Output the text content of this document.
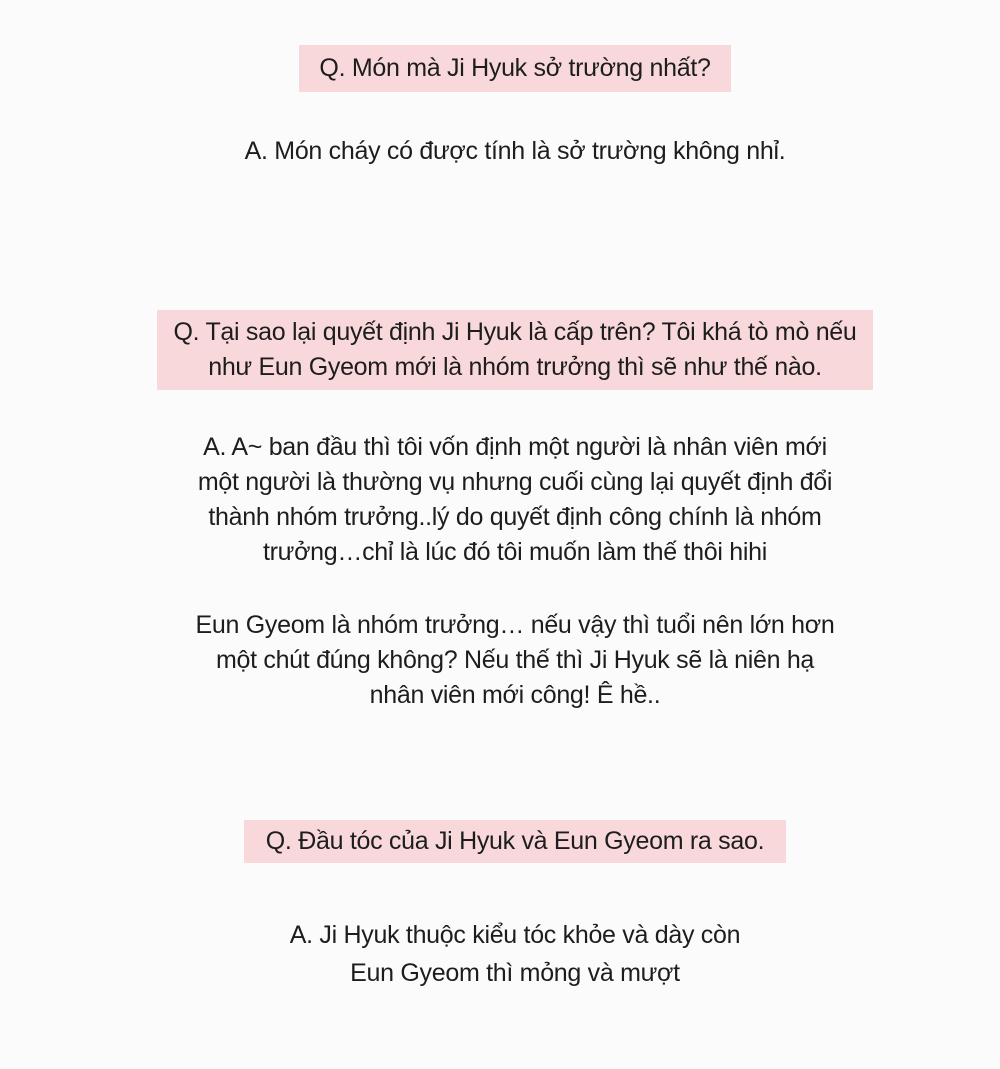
Q. Món mà Ji Hyuk sở trường nhất?
A. Món cháy có được tính là sở trường không nhỉ.
Q. Tại sao lại quyết định Ji Hyuk là cấp trên? Tôi khá tò mò nếu
như Eun Gyeom mới là nhóm trưởng thì sẽ như thế nào.
A. A~ ban đầu thì tôi vốn định một người là nhân viên mới
một người là thường vụ nhưng cuối cùng lại quyết định đổi
thành nhóm trưởng..lý do quyết định công chính là nhóm
trưởng…chỉ là lúc đó tôi muốn làm thế thôi hihi
Eun Gyeom là nhóm trưởng… nếu vậy thì tuổi nên lớn hơn
một chút đúng không? Nếu thế thì Ji Hyuk sẽ là niên hạ
nhân viên mới công! Ê hề..
Q. Đầu tóc của Ji Hyuk và Eun Gyeom ra sao.
A. Ji Hyuk thuộc kiểu tóc khỏe và dày còn
Eun Gyeom thì mỏng và mượt
